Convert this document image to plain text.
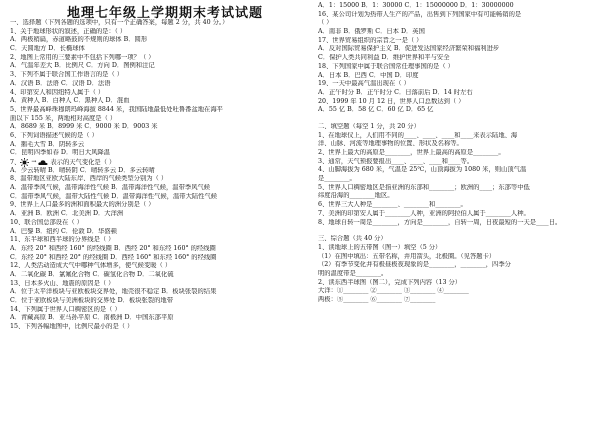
地理七年级上学期期末考试试题
一、选择题（下列各题的选项中，只有一个正确答案，每题 2 分，共 40 分。）
1、关于地球形状的叙述，正确的是：（ ）
A．两极稍扁，赤道略鼓的不规则的球体 B．圆形
C．天圆地方 D．长椭球体
2、地图上常用的三要素中不包括下列哪一项？（ ）
A．气温年差大 B．比例尺 C．方向 D．图例和注记
3、下列不属于联合国工作语言的是（ ）
A．汉语 B．法语 C．汉语 D．法语
4、印第安人和因纽特人属于（ ）
A．黄种人 B．白种人 C．黑种人 D．混血
5、世界最高峰珠穆朗玛峰海拔 8844 米，我国陆地最低处吐鲁番盆地在海平
面以下 155 米，两地相对高度是（ ）
A．8689 米 B．8999 米 C．9000 米 D．9003 米
6、下列词语描述气候的是（ ）
A．鹅毛大雪 B．阴转多云
C．昆明四季如春 D．明日大风降温
7、 → 表示的天气变化是（ ）
A．少云转晴 B．晴转阴 C．晴转多云 D．多云转晴
8、温带地区亚欧大陆东岸、西岸的气候类型分别为（ ）
A．温带季风气候，温带海洋性气候 B．温带海洋性气候，温带季风气候
C．温带季风气候，温带大陆性气候 D．温带海洋性气候，温带大陆性气候
9、世界上人口最多的洲和面积最大的洲分别是（ ）
A．亚洲 B．欧洲 C．北美洲 D．大洋洲
10、联合国总部设在（ ）
A．巴黎 B．纽约 C．伦敦 D．华盛顿
11、东半球和西半球的分界线是（ ）
A．东经 20° 和西经 160° 的经线圈 B．西经 20° 和东经 160° 的经线圈
C．东经 20° 和西经 20° 的经线圈 D．西经 160° 和东经 160° 的经线圈
12、人类活动造成大气中哪种气体增多，使气候变暖（ ）
A．二氧化碳 B．氯氟化合物 C．碳氢化合物 D．二氧化硫
13、日本多火山、地震的原因是（ ）
A．位于太平洋板块与亚欧板块交界处，地壳很不稳定 B．板块张裂的结果
C．位于亚欧板块与美洲板块的交界处 D．板块张裂的地带
14、下列属于世界人口稠密区的是（ ）
A．青藏高原 B．亚马孙平原 C．南极洲 D．中国东部平原
15、下列各幅地图中，比例尺最小的是（ ）
A．1：15000 B．1：30000 C．1：15000000 D．1：30000000
16、某公司计划为热带人生产的产品，出售到下列国家中有可能畅销的是
（ ）
A．南非 B．俄罗斯 C．日本 D．英国
17、世界贸易组织的宗旨之一是（ ）
A．反对国际贸易保护主义 B．促进发达国家经济繁荣和福利进步
C．保护人类共同利益 D．维护世界和平与安全
18、下列国家中属于联合国常任理事国的是（ ）
A．日本 B．巴西 C．中国 D．印度
19、一天中最高气温出现在（ ）
A．正午时分 B．正午时分 C．日落前后 D．14 时左右
20、1999 年 10 月 12 日，世界人口总数达到（ ）
A．55 亿 B．58 亿 C．60 亿 D．65 亿
二、填空题（每空 1 分，共 20 分）
1、在地球仪上，人们用不同的____、____、____和____来表示陆地、海
洋、山脉、河流等地理事物的位置、形状及名称等。
2、世界上最大的高原是________，世界上最高的高原是________。
3、通常，天气预报要报出____、____、____和____等。
4、山脚海拔为 680 米，气温是 25℃，山顶海拔为 1080 米，则山顶气温
是________。
5、世界人口稠密地区是指亚洲的东部和________；欧洲的____；东部等中低
纬度沿海的________地区。
6、世界三大人种是________、________和________。
7、美洲的印第安人属于________人种，亚洲的阿拉伯人属于________人种。
8、地球自转一周是________，方向是________，自转一周，日夜最短的一天是____日。
三、综合题（共 40 分）
1、读地球上的五带图（图一）填空（5 分）
（1）在图中填出：五带名称，并用箭头，北极圈。（见答题卡）
（2）有季节变化并有极昼极夜现象的是________，________，四季分
明的温度带是________。
2、读东西半球图（图二），完成下列内容（13 分）
大洋：①________ ②________ ③________ ④________
两极：⑤________ ⑥________ ⑦________
